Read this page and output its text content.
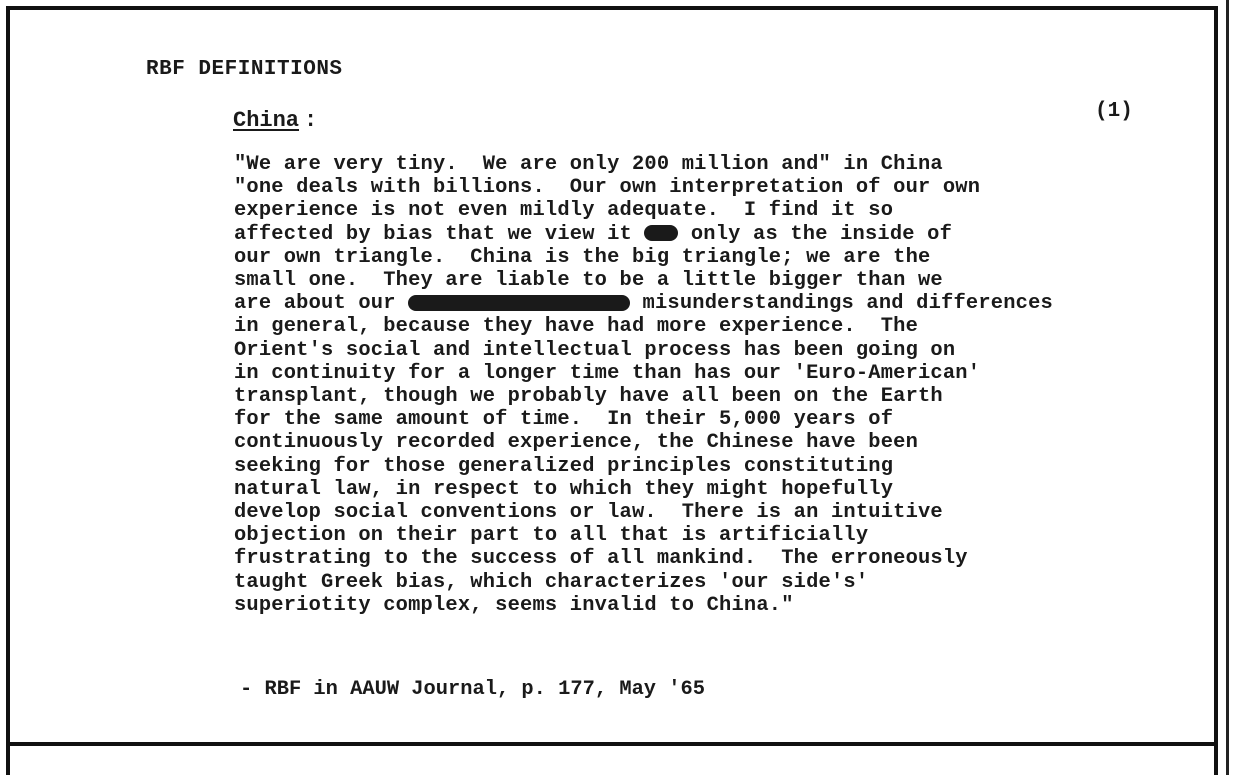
RBF DEFINITIONS
China :	(1)
"We are very tiny.  We are only 200 million and" in China
"one deals with billions.  Our own interpretation of our own
experience is not even mildly adequate.  I find it so
affected by bias that we view it  only as the inside of
our own triangle.  China is the big triangle; we are the
small one.  They are liable to be a little bigger than we
are about our	misunderstandings and differences
in general, because they have had more experience.  The
Orient's social and intellectual process has been going on
in continuity for a longer time than has our 'Euro-American'
transplant, though we probably have all been on the Earth
for the same amount of time.  In their 5,000 years of
continuously recorded experience, the Chinese have been
seeking for those generalized principles constituting
natural law, in respect to which they might hopefully
develop social conventions or law.  There is an intuitive
objection on their part to all that is artificially
frustrating to the success of all mankind.  The erroneously
taught Greek bias, which characterizes 'our side's'
superiotity complex, seems invalid to China."
- RBF in AAUW Journal, p. 177, May '65
